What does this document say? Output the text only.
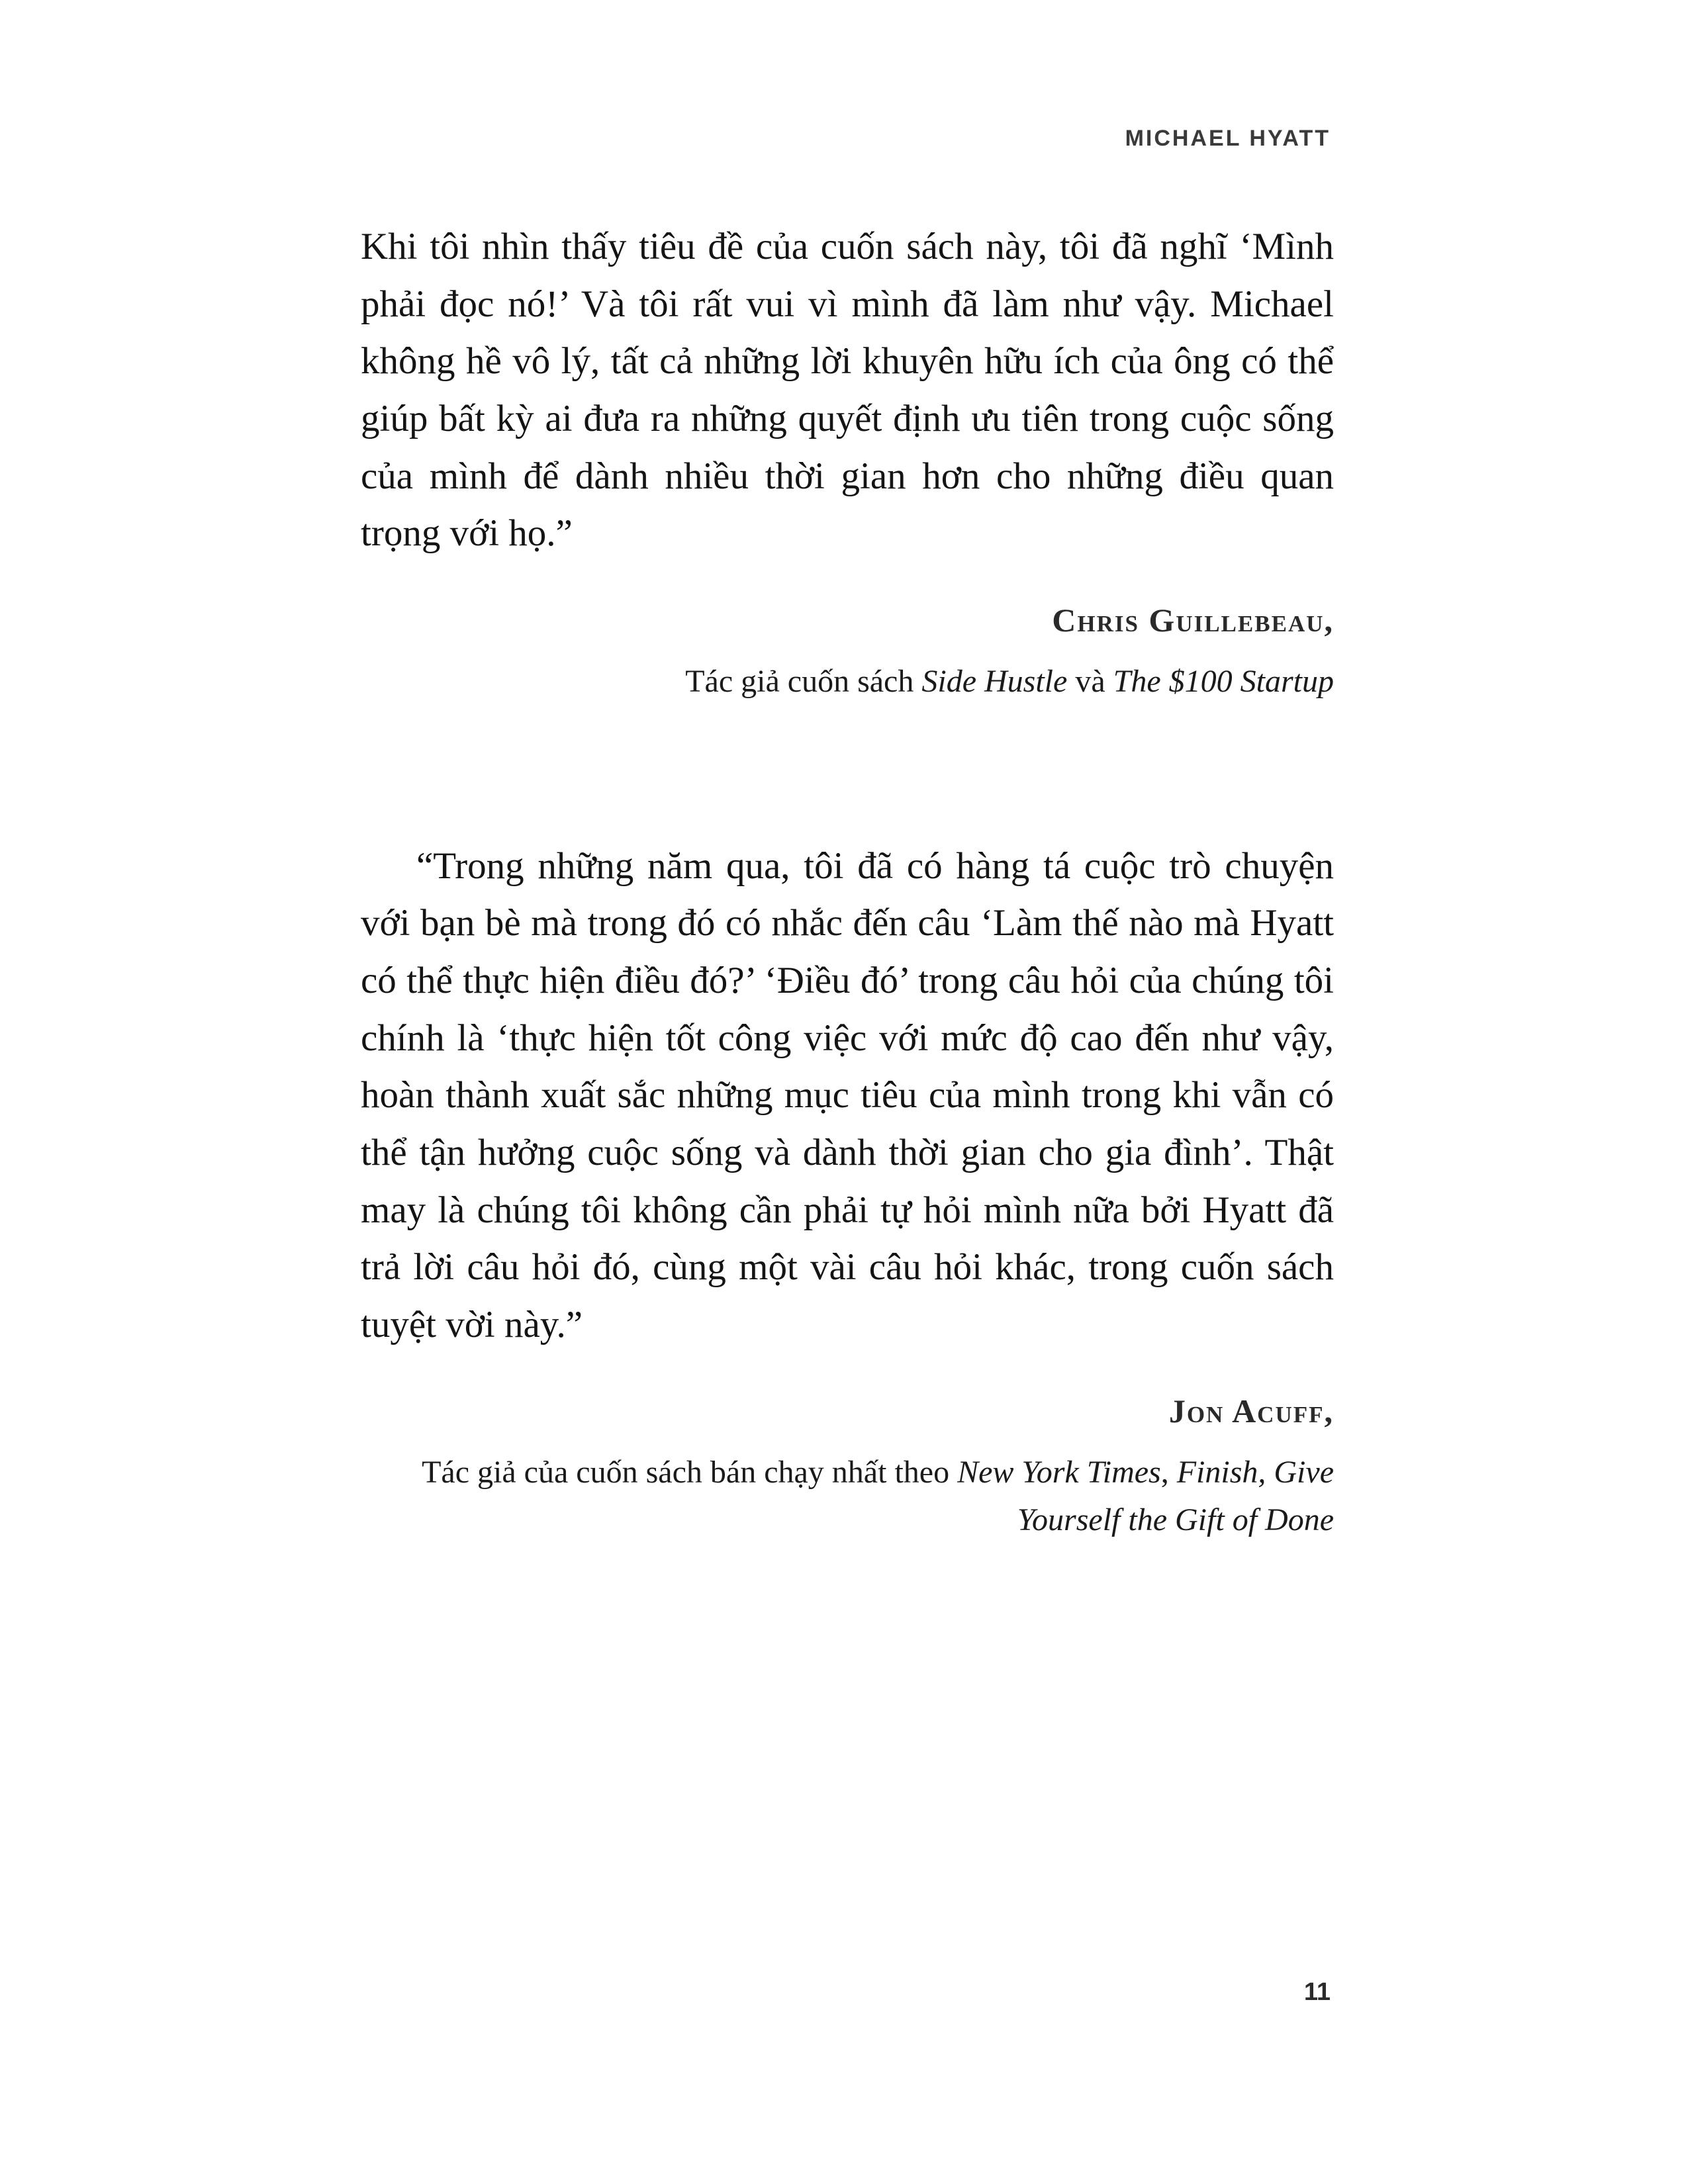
MICHAEL HYATT

Khi tôi nhìn thấy tiêu đề của cuốn sách này, tôi đã nghĩ ‘Mình phải đọc nó!’ Và tôi rất vui vì mình đã làm như vậy. Michael không hề vô lý, tất cả những lời khuyên hữu ích của ông có thể giúp bất kỳ ai đưa ra những quyết định ưu tiên trong cuộc sống của mình để dành nhiều thời gian hơn cho những điều quan trọng với họ.”

Chris Guillebeau,
Tác giả cuốn sách Side Hustle và The $100 Startup

“Trong những năm qua, tôi đã có hàng tá cuộc trò chuyện với bạn bè mà trong đó có nhắc đến câu ‘Làm thế nào mà Hyatt có thể thực hiện điều đó?’ ‘Điều đó’ trong câu hỏi của chúng tôi chính là ‘thực hiện tốt công việc với mức độ cao đến như vậy, hoàn thành xuất sắc những mục tiêu của mình trong khi vẫn có thể tận hưởng cuộc sống và dành thời gian cho gia đình’. Thật may là chúng tôi không cần phải tự hỏi mình nữa bởi Hyatt đã trả lời câu hỏi đó, cùng một vài câu hỏi khác, trong cuốn sách tuyệt vời này.”

Jon Acuff,
Tác giả của cuốn sách bán chạy nhất theo New York Times, Finish, Give Yourself the Gift of Done
11
